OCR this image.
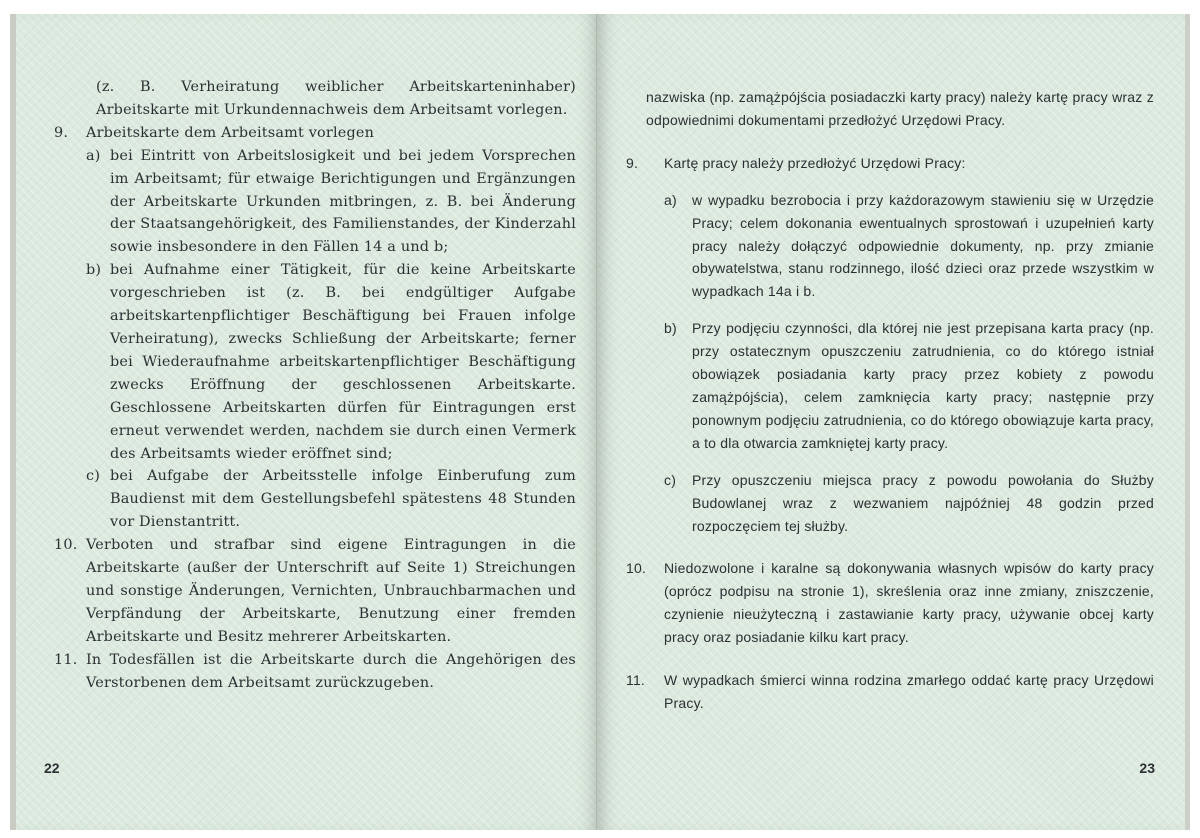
(z. B. Verheiratung weiblicher Arbeitskarteninhaber) Arbeitskarte mit Urkundennachweis dem Arbeitsamt vorlegen.

9. Arbeitskarte dem Arbeitsamt vorlegen

a) bei Eintritt von Arbeitslosigkeit und bei jedem Vorsprechen im Arbeitsamt; für etwaige Berichtigungen und Ergänzungen der Arbeitskarte Urkunden mitbringen, z. B. bei Änderung der Staatsangehörigkeit, des Familienstandes, der Kinderzahl sowie insbesondere in den Fällen 14 a und b;

b) bei Aufnahme einer Tätigkeit, für die keine Arbeitskarte vorgeschrieben ist (z. B. bei endgültiger Aufgabe arbeitskartenpflichtiger Beschäftigung bei Frauen infolge Verheiratung), zwecks Schließung der Arbeitskarte; ferner bei Wiederaufnahme arbeitskartenpflichtiger Beschäftigung zwecks Eröffnung der geschlossenen Arbeitskarte. Geschlossene Arbeitskarten dürfen für Eintragungen erst erneut verwendet werden, nachdem sie durch einen Vermerk des Arbeitsamts wieder eröffnet sind;

c) bei Aufgabe der Arbeitsstelle infolge Einberufung zum Baudienst mit dem Gestellungsbefehl spätestens 48 Stunden vor Dienstantritt.

10. Verboten und strafbar sind eigene Eintragungen in die Arbeitskarte (außer der Unterschrift auf Seite 1) Streichungen und sonstige Änderungen, Vernichten, Unbrauchbarmachen und Verpfändung der Arbeitskarte, Benutzung einer fremden Arbeitskarte und Besitz mehrerer Arbeitskarten.

11. In Todesfällen ist die Arbeitskarte durch die Angehörigen des Verstorbenen dem Arbeitsamt zurückzugeben.

22

nazwiska (np. zamążpójścia posiadaczki karty pracy) należy kartę pracy wraz z odpowiednimi dokumentami przedłożyć Urzędowi Pracy.

9. Kartę pracy należy przedłożyć Urzędowi Pracy:

a) w wypadku bezrobocia i przy każdorazowym stawieniu się w Urzędzie Pracy; celem dokonania ewentualnych sprostowań i uzupełnień karty pracy należy dołączyć odpowiednie dokumenty, np. przy zmianie obywatelstwa, stanu rodzinnego, ilość dzieci oraz przede wszystkim w wypadkach 14a i b.

b) Przy podjęciu czynności, dla której nie jest przepisana karta pracy (np. przy ostatecznym opuszczeniu zatrudnienia, co do którego istniał obowiązek posiadania karty pracy przez kobiety z powodu zamążpójścia), celem zamknięcia karty pracy; następnie przy ponownym podjęciu zatrudnienia, co do którego obowiązuje karta pracy, a to dla otwarcia zamkniętej karty pracy.

c) Przy opuszczeniu miejsca pracy z powodu powołania do Służby Budowlanej wraz z wezwaniem najpóźniej 48 godzin przed rozpoczęciem tej służby.

10. Niedozwolone i karalne są dokonywania własnych wpisów do karty pracy (oprócz podpisu na stronie 1), skreślenia oraz inne zmiany, zniszczenie, czynienie nieużyteczną i zastawianie karty pracy, używanie obcej karty pracy oraz posiadanie kilku kart pracy.

11. W wypadkach śmierci winna rodzina zmarłego oddać kartę pracy Urzędowi Pracy.

23
